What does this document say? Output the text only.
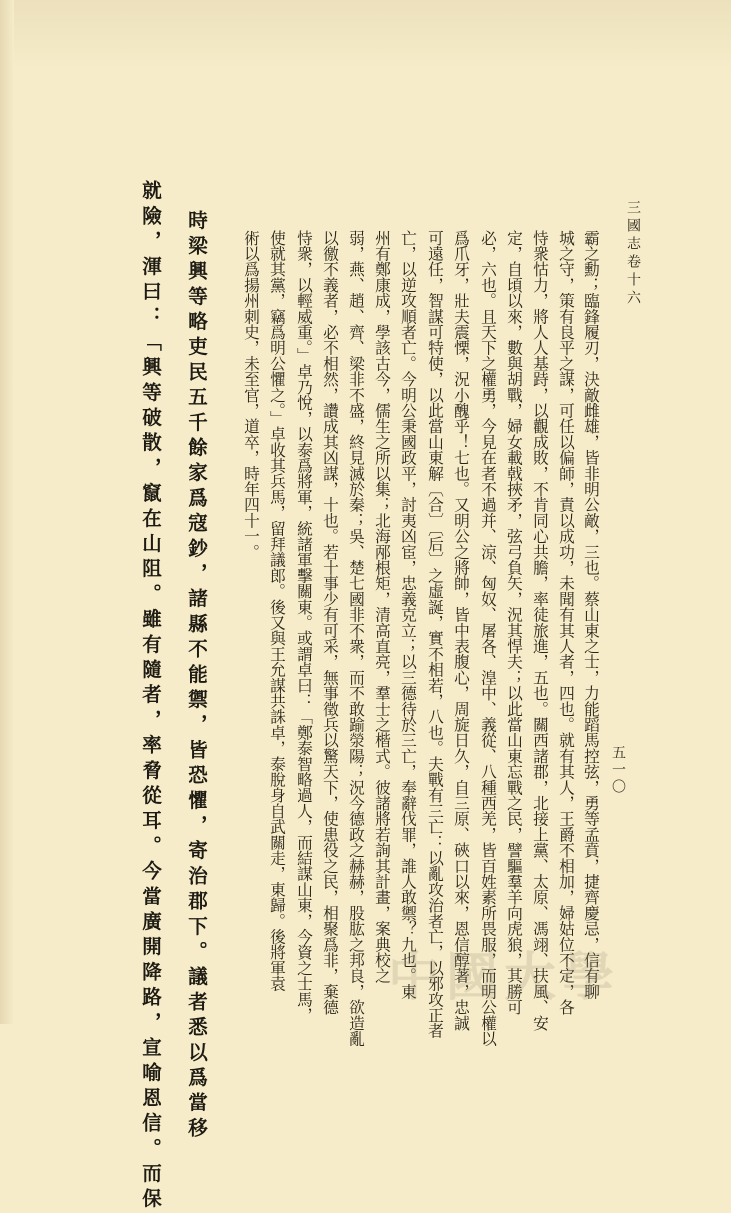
三國志卷十六
五一〇
霸之勳；臨鋒履刃，決敵雌雄，皆非明公敵，三也。蔡山東之士，力能蹈馬控弦，勇等孟賁，捷齊慶忌，信有聊
城之守，策有良平之謀，可任以偏師，責以成功，未聞有其人者，四也。就有其人，王爵不相加，婦姑位不定，各
恃衆怙力，將人人基跱，以觀成敗，不肯同心共膽，率徒旅進，五也。關西諸郡，北接上黨、太原、馮翊、扶風、安
定，自頃以來，數與胡戰，婦女載戟挾矛，弦弓負矢，況其悍夫；以此當山東忘戰之民，譬驅羣羊向虎狼，其勝可
必，六也。且天下之權勇，今見在者不過并、涼、匈奴、屠各、湟中、義從、八種西羌，皆百姓素所畏服，而明公權以
爲爪牙，壯夫震慄，況小醜乎！七也。又明公之將帥，皆中表腹心，周旋日久，自三原、硤口以來，恩信醇著，忠誠
可遠任，智謀可特使，以此當山東解〔合〕〔后〕之虛誕，實不相若，八也。夫戰有三亡：以亂攻治者亡，以邪攻正者
亡，以逆攻順者亡。今明公秉國政平，討夷凶宦，忠義克立；以三德待於三亡，奉辭伐罪，誰人敢禦？九也。東
州有鄭康成，學該古今，儒生之所以集；北海邴根矩，清高直亮，羣士之楷式。彼諸將若詢其計畫，案典校之
弱，燕、趙、齊、梁非不盛，終見滅於秦；吳、楚七國非不衆，而不敢踰滎陽；況今德政之赫赫，股肱之邦良，欲造亂
以徼不義者，必不相然，讚成其凶謀，十也。若十事少有可采，無事徵兵以驚天下，使患役之民，相聚爲非，棄德
恃衆，以輕威重。」卓乃悅，以泰爲將軍，統諸軍擊關東。或謂卓曰：「鄭泰智略過人，而結謀山東，今資之士馬，
使就其黨，竊爲明公懼之。」卓收其兵馬，留拜議郎。後又與王允謀共誅卓，泰脫身自武關走，東歸。後將軍袁
術以爲揚州刺史，未至官，道卒，時年四十一。
時梁興等略吏民五千餘家爲寇鈔，諸縣不能禦，皆恐懼，寄治郡下。議者悉以爲當移
就險，渾曰：「興等破散，竄在山阻。雖有隨者，率脅從耳。今當廣開降路，宣喻恩信。而保	中國大學
